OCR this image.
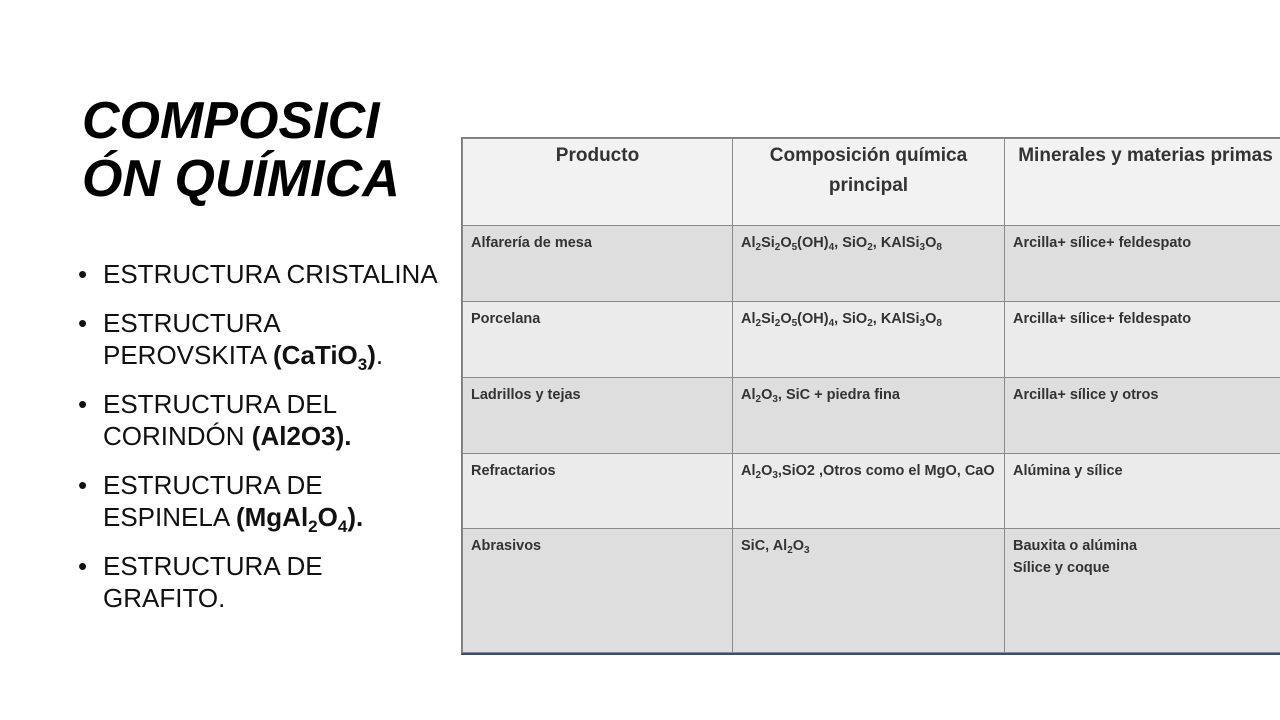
COMPOSICI
ÓN QUÍMICA
• ESTRUCTURA CRISTALINA
• ESTRUCTURA PEROVSKITA (CaTiO$_3$).
• ESTRUCTURA DEL CORINDÓN (Al2O3).
• ESTRUCTURA DE ESPINELA $(MgAl_2O_4)$.
• ESTRUCTURA DE GRAFITO.
Producto	Composición química principal	Minerales y materias primas
Alfarería de mesa	$Al_2Si_2O_5(OH)_4$, SiO$_2$, $KAlSi_3O_8$	Arcilla+ sílice+ feldespato
Porcelana	$Al_2Si_2O_5(OH)_4$, SiO$_2$, $KAlSi_3O_8$	Arcilla+ sílice+ feldespato
Ladrillos y tejas	$Al_2O_3$, SiC + piedra fina	Arcilla+ sílice y otros
Refractarios	$Al_2O_3,SiO2$ ,Otros como el MgO, CaO	Alúmina y sílice
Abrasivos	SiC, $Al_2O_3$	Bauxita o alúmina
Sílice y coque
